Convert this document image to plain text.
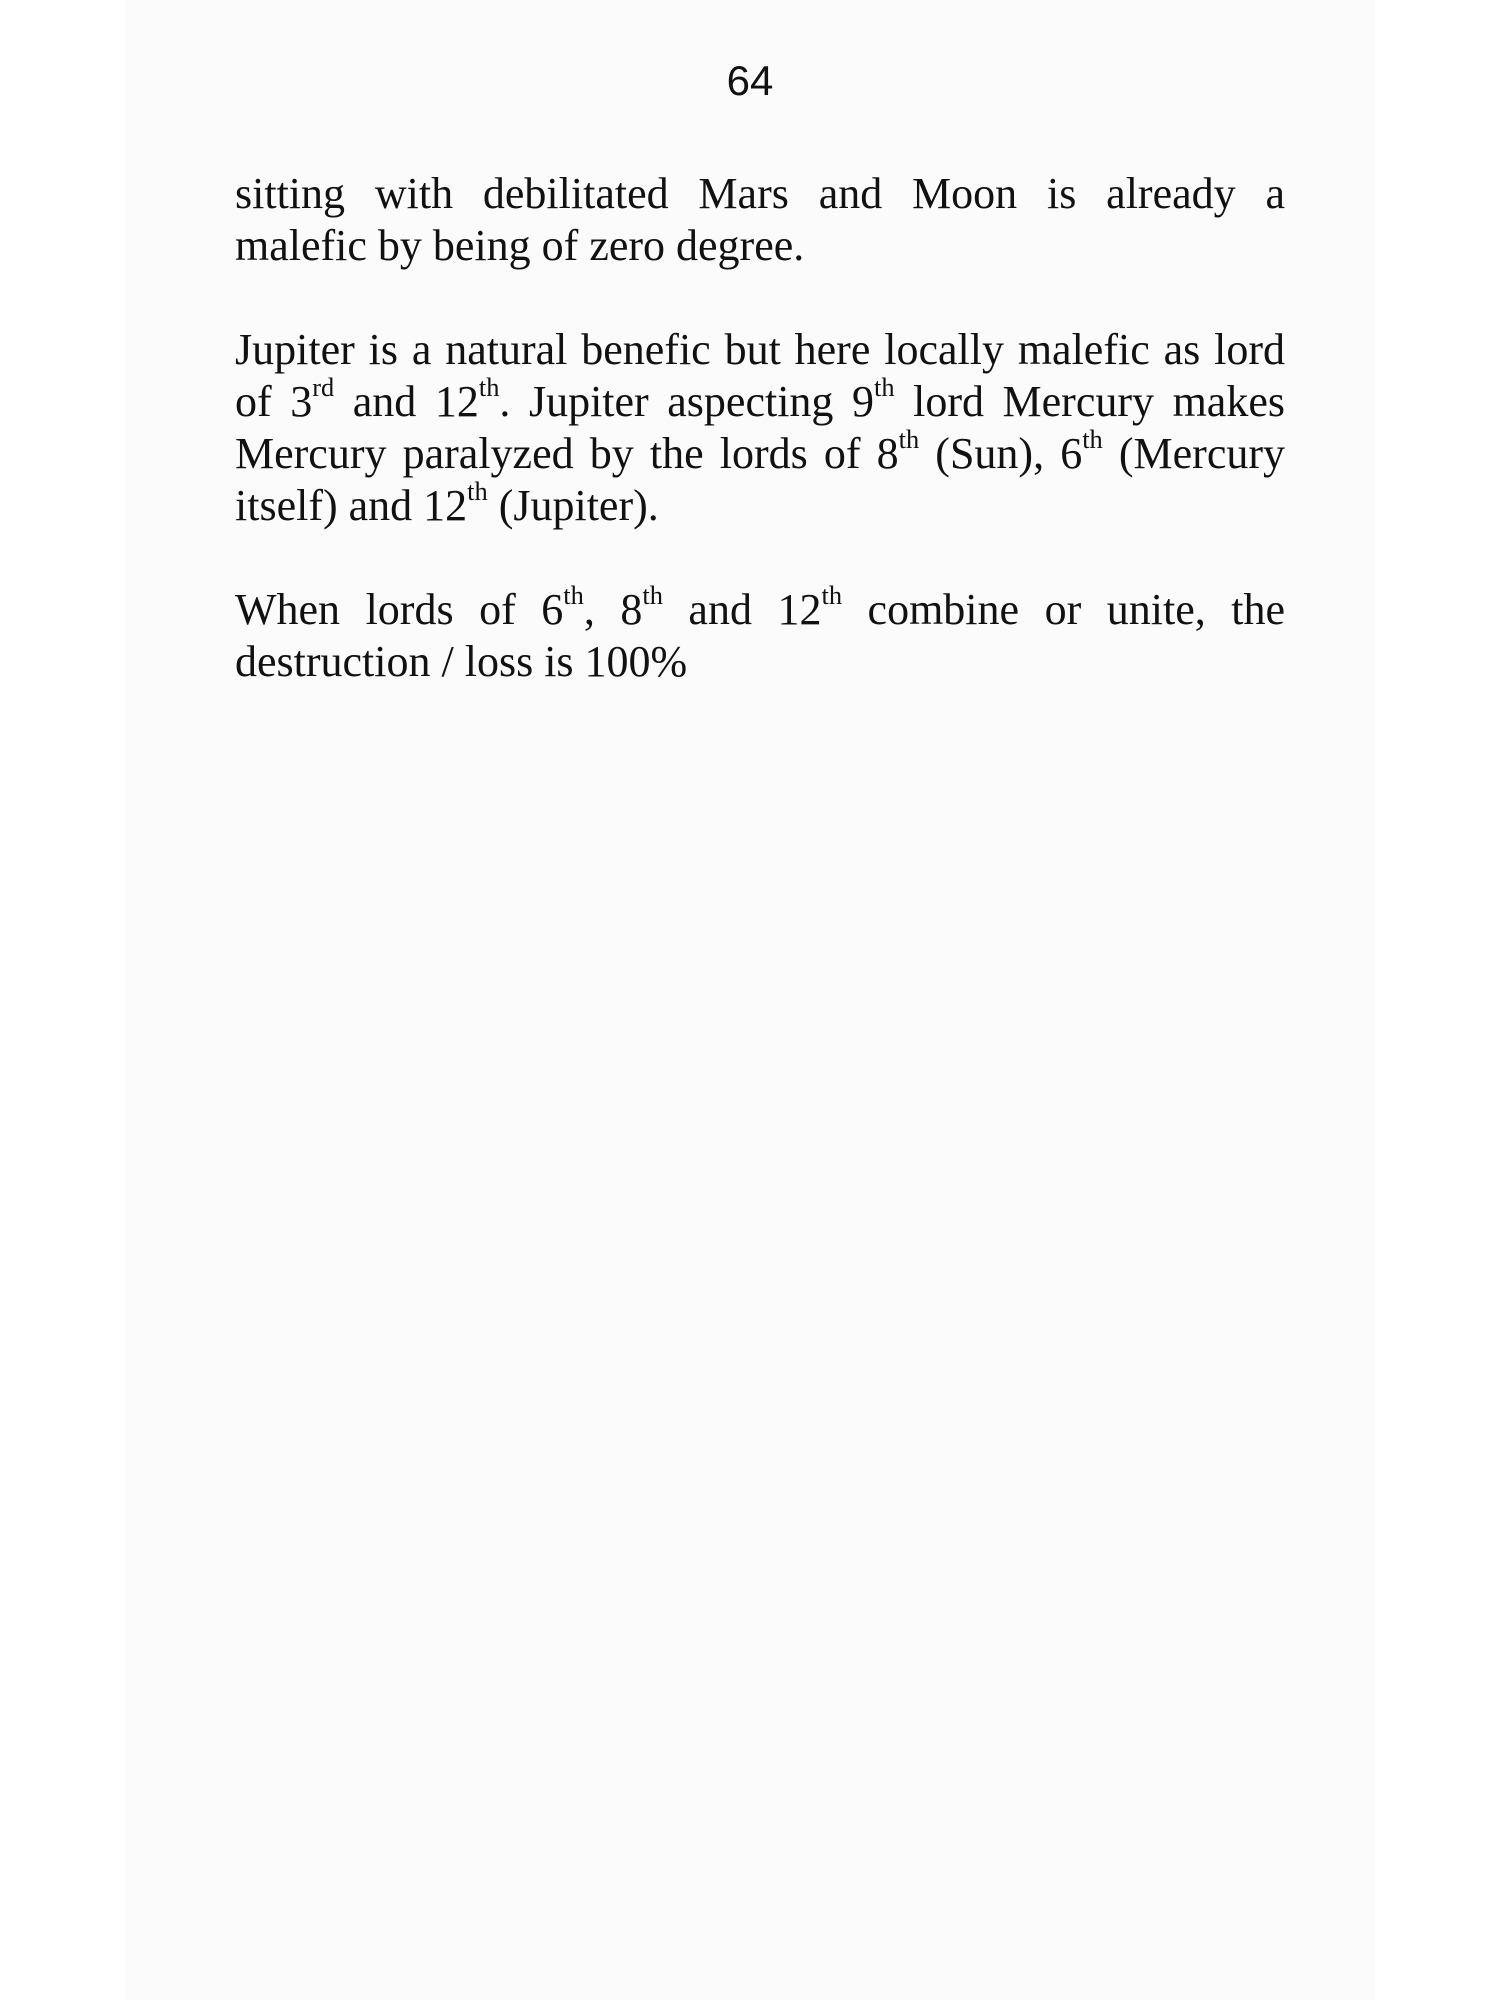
64
sitting with debilitated Mars and Moon is already a
malefic by being of zero degree.
Jupiter is a natural benefic but here locally malefic as lord
of 3rd and 12th. Jupiter aspecting 9th lord Mercury makes
Mercury paralyzed by the lords of 8th (Sun), 6th (Mercury
itself) and 12th (Jupiter).
When lords of 6th, 8th and 12th combine or unite, the
destruction / loss is 100%
